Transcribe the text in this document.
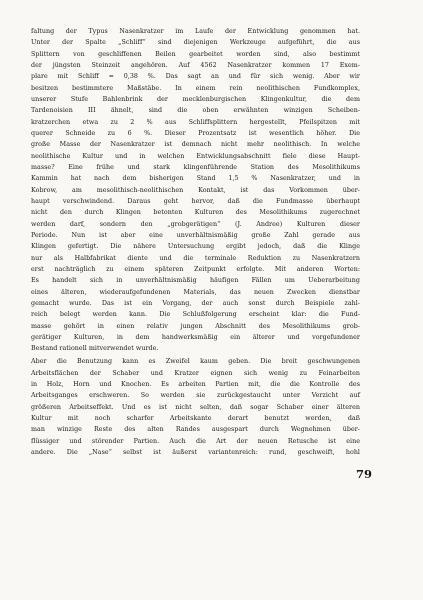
faltung der Typus Nasenkratzer im Laufe der Entwicklung genommen hat.
Unter der Spalte „Schliff“ sind diejenigen Werkzeuge aufgeführt, die aus
Splittern von geschliffenen Beilen gearbeitet worden sind, also bestimmt
der jüngsten Steinzeit angehören. Auf 4562 Nasenkratzer kommen 17 Exem-
plare mit Schliff = 0,38 %. Das sagt an und für sich wenig. Aber wir
besitzen bestimmtere Maßstäbe. In einem rein neolithischen Fundkomplex,
unserer Stufe Bahlenbrink der mecklenburgischen Klingenkultur, die dem
Tardenoisien III ähnelt, sind die oben erwähnten winzigen Scheiben-
kratzerchen etwa zu 2 % aus Schliffsplittern hergestellt, Pfeilspitzen mit
querer Schneide zu 6 %. Dieser Prozentsatz ist wesentlich höher. Die
große Masse der Nasenkratzer ist demnach nicht mehr neolithisch. In welche
neolithische Kultur und in welchen Entwicklungsabschnitt fiele diese Haupt-
masse? Eine frühe und stark klingenführende Station des Mesolithikums
Kammin hat nach dem bisherigen Stand 1,5 % Nasenkratzer, und in
Kobrow, am mesolithisch-neolithischen Kontakt, ist das Vorkommen über-
haupt verschwindend. Daraus geht hervor, daß die Fundmasse überhaupt
nicht den durch Klingen betonten Kulturen des Mesolithikums zugerechnet
werden darf, sondern den „grobgerätigen“ (J. Andree) Kulturen dieser
Periode. Nun ist aber eine unverhältnismäßig große Zahl gerade aus
Klingen gefertigt. Die nähere Untersuchung ergibt jedoch, daß die Klinge
nur als Halbfabrikat diente und die terminale Reduktion zu Nasenkratzern
erst nachträglich zu einem späteren Zeitpunkt erfolgte. Mit anderen Worten:
Es handelt sich in unverhältnismäßig häufigen Fällen um Ueberarbeitung
eines älteren, wiederaufgefundenen Materials, das neuen Zwecken dienstbar
gemacht wurde. Das ist ein Vorgang, der auch sonst durch Beispiele zahl-
reich belegt werden kann. Die Schlußfolgerung erscheint klar: die Fund-
masse gehört in einen relativ jungen Abschnitt des Mesolithikums grob-
gerätiger Kulturen, in dem handwerksmäßig ein älterer und vorgefundener
Bestand rationell mitverwendet wurde.
Aber die Benutzung kann es Zweifel kaum geben. Die breit geschwungenen
Arbeitsflächen der Schaber und Kratzer eignen sich wenig zu Feinarbeiten
in Holz, Horn und Knochen. Es arbeiten Partien mit, die die Kontrolle des
Arbeitsganges erschweren. So werden sie zurückgestaucht unter Verzicht auf
größeren Arbeitseffekt. Und es ist nicht selten, daß sogar Schaber einer älteren
Kultur mit noch scharfer Arbeitskante derart benutzt werden, daß
man winzige Reste des alten Randes ausgespart durch Wegnehmen über-
flüssiger und störender Partien. Auch die Art der neuen Retusche ist eine
andere. Die „Nase“ selbst ist äußerst variantenreich: rund, geschweift, hohl
79
